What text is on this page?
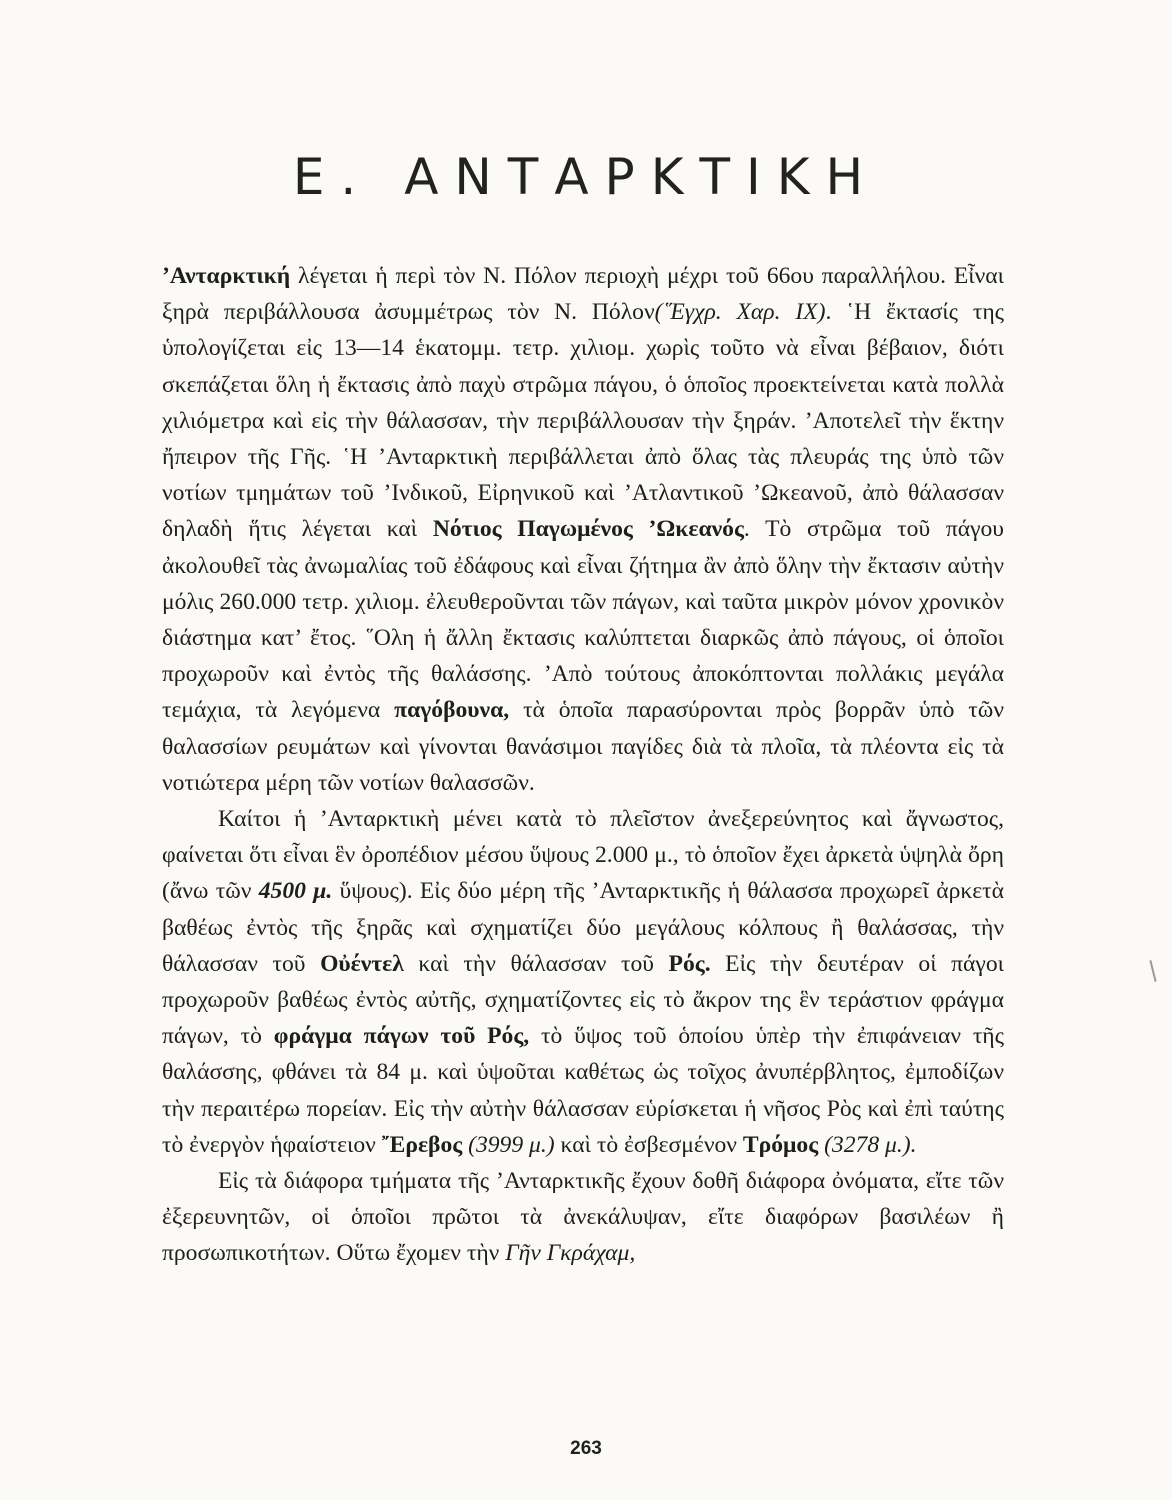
Ε. ΑΝΤΑΡΚΤΙΚΗ

’Ανταρκτική λέγεται ἡ περὶ τὸν Ν. Πόλον περιοχὴ μέχρι τοῦ 66ου παραλλήλου. Εἶναι ξηρὰ περιβάλλουσα ἀσυμμέτρως τὸν Ν. Πόλον(῞Εγχρ. Χαρ. IX). ῾Η ἔκτασίς της ὑπολογίζεται εἰς 13—14 ἑκατομμ. τετρ. χιλιομ. χωρὶς τοῦτο νὰ εἶναι βέβαιον, διότι σκεπάζεται ὅλη ἡ ἔκτασις ἀπὸ παχὺ στρῶμα πάγου, ὁ ὁποῖος προεκτείνεται κατὰ πολλὰ χιλιόμετρα καὶ εἰς τὴν θάλασσαν, τὴν περιβάλλουσαν τὴν ξηράν. ’Αποτελεῖ τὴν ἕκτην ἤπειρον τῆς Γῆς. ῾Η ’Ανταρκτικὴ περιβάλλεται ἀπὸ ὅλας τὰς πλευράς της ὑπὸ τῶν νοτίων τμημάτων τοῦ ’Ινδικοῦ, Εἰρηνικοῦ καὶ ’Ατλαντικοῦ ’Ωκεανοῦ, ἀπὸ θάλασσαν δηλαδὴ ἥτις λέγεται καὶ Νότιος Παγωμένος ’Ωκεανός. Τὸ στρῶμα τοῦ πάγου ἀκολουθεῖ τὰς ἀνωμαλίας τοῦ ἐδάφους καὶ εἶναι ζήτημα ἂν ἀπὸ ὅλην τὴν ἔκτασιν αὐτὴν μόλις 260.000 τετρ. χιλιομ. ἐλευθεροῦνται τῶν πάγων, καὶ ταῦτα μικρὸν μόνον χρονικὸν διάστημα κατ’ ἔτος. ῞Ολη ἡ ἄλλη ἔκτασις καλύπτεται διαρκῶς ἀπὸ πάγους, οἱ ὁποῖοι προχωροῦν καὶ ἐντὸς τῆς θαλάσσης. ’Απὸ τούτους ἀποκόπτονται πολλάκις μεγάλα τεμάχια, τὰ λεγόμενα παγόβουνα, τὰ ὁποῖα παρασύρονται πρὸς βορρᾶν ὑπὸ τῶν θαλασσίων ρευμάτων καὶ γίνονται θανάσιμοι παγίδες διὰ τὰ πλοῖα, τὰ πλέοντα εἰς τὰ νοτιώτερα μέρη τῶν νοτίων θαλασσῶν.

Καίτοι ἡ ’Ανταρκτικὴ μένει κατὰ τὸ πλεῖστον ἀνεξερεύνητος καὶ ἄγνωστος, φαίνεται ὅτι εἶναι ἓν ὀροπέδιον μέσου ὕψους 2.000 μ., τὸ ὁποῖον ἔχει ἀρκετὰ ὑψηλὰ ὄρη (ἄνω τῶν 4500 μ. ὕψους). Εἰς δύο μέρη τῆς ’Ανταρκτικῆς ἡ θάλασσα προχωρεῖ ἀρκετὰ βαθέως ἐντὸς τῆς ξηρᾶς καὶ σχηματίζει δύο μεγάλους κόλπους ἢ θαλάσσας, τὴν θάλασσαν τοῦ Οὐέντελ καὶ τὴν θάλασσαν τοῦ Ρός. Εἰς τὴν δευτέραν οἱ πάγοι προχωροῦν βαθέως ἐντὸς αὐτῆς, σχηματίζοντες εἰς τὸ ἄκρον της ἓν τεράστιον φράγμα πάγων, τὸ φράγμα πάγων τοῦ Ρός, τὸ ὕψος τοῦ ὁποίου ὑπὲρ τὴν ἐπιφάνειαν τῆς θαλάσσης, φθάνει τὰ 84 μ. καὶ ὑψοῦται καθέτως ὡς τοῖχος ἀνυπέρβλητος, ἐμποδίζων τὴν περαιτέρω πορείαν. Εἰς τὴν αὐτὴν θάλασσαν εὑρίσκεται ἡ νῆσος Ρὸς καὶ ἐπὶ ταύτης τὸ ἐνεργὸν ἡφαίστειον ῎Ερεβος (3999 μ.) καὶ τὸ ἐσβεσμένον Τρόμος (3278 μ.).

Εἰς τὰ διάφορα τμήματα τῆς ’Ανταρκτικῆς ἔχουν δοθῆ διάφορα ὀνόματα, εἴτε τῶν ἐξερευνητῶν, οἱ ὁποῖοι πρῶτοι τὰ ἀνεκάλυψαν, εἴτε διαφόρων βασιλέων ἢ προσωπικοτήτων. Οὕτω ἔχομεν τὴν Γῆν Γκράχαμ,

263
